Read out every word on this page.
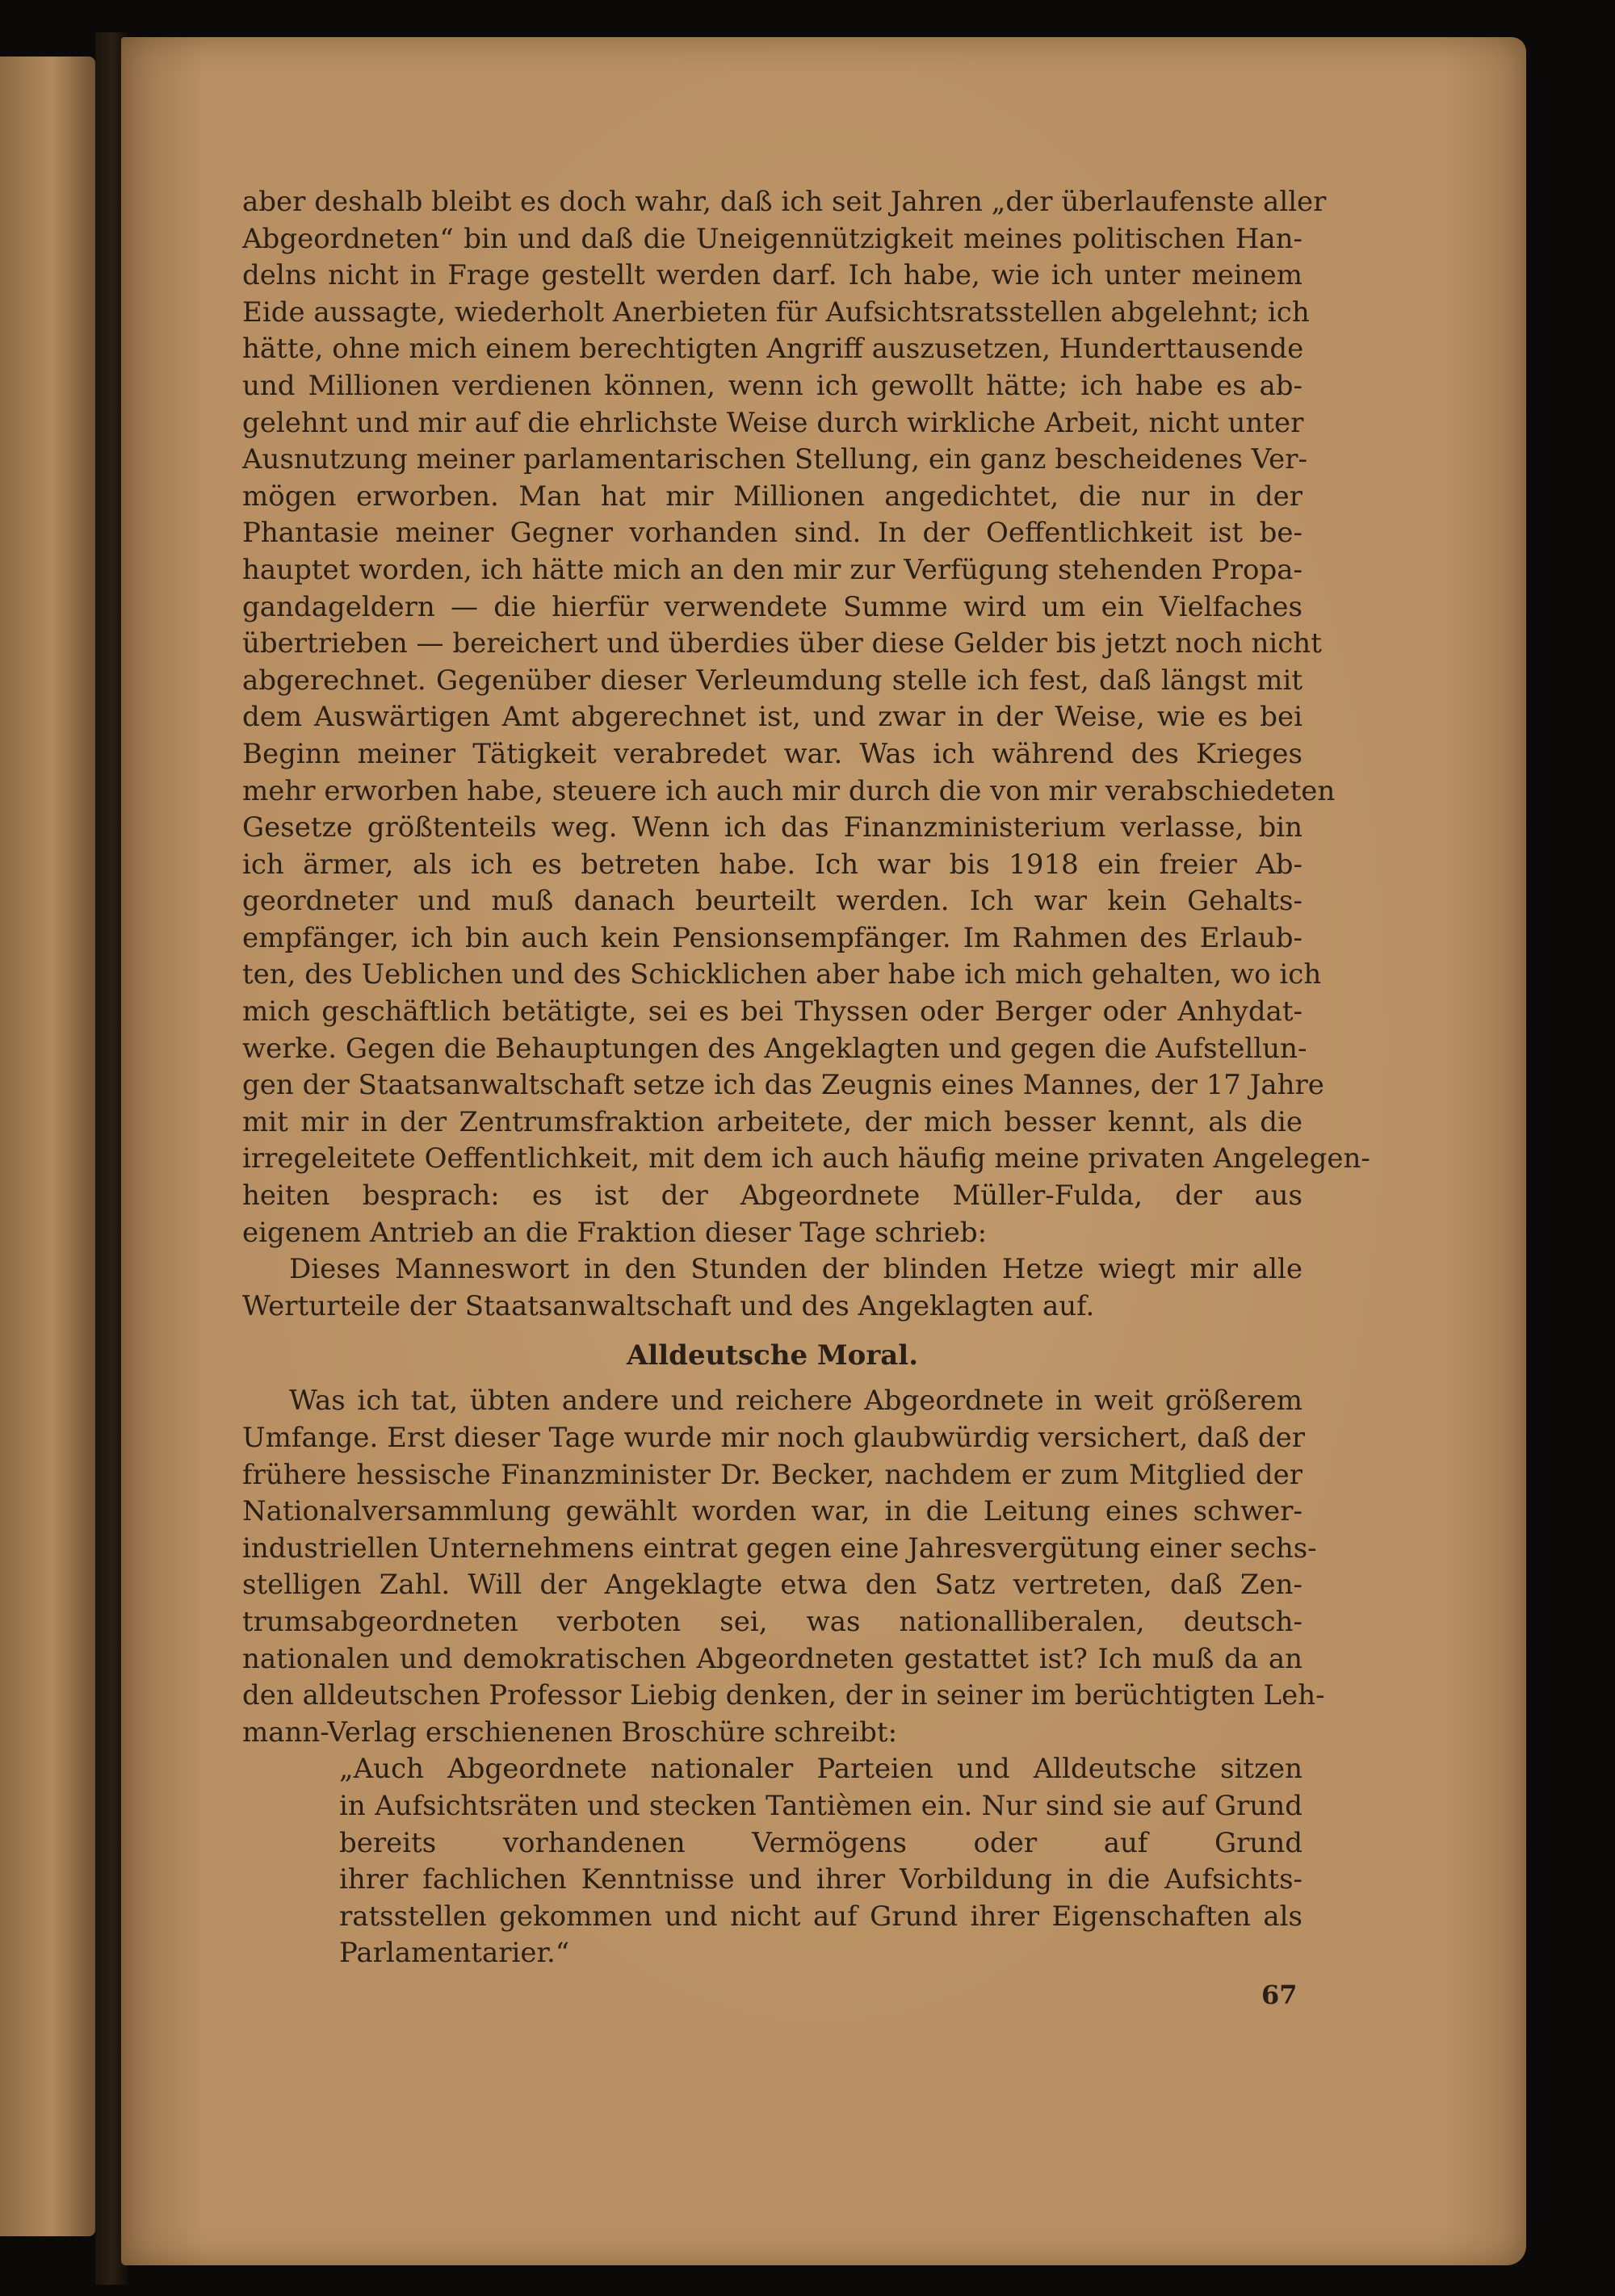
aber deshalb bleibt es doch wahr, daß ich seit Jahren „der überlaufenste aller
Abgeordneten“ bin und daß die Uneigennützigkeit meines politischen Han-
delns nicht in Frage gestellt werden darf. Ich habe, wie ich unter meinem
Eide aussagte, wiederholt Anerbieten für Aufsichtsratsstellen abgelehnt; ich
hätte, ohne mich einem berechtigten Angriff auszusetzen, Hunderttausende
und Millionen verdienen können, wenn ich gewollt hätte; ich habe es ab-
gelehnt und mir auf die ehrlichste Weise durch wirkliche Arbeit, nicht unter
Ausnutzung meiner parlamentarischen Stellung, ein ganz bescheidenes Ver-
mögen erworben. Man hat mir Millionen angedichtet, die nur in der
Phantasie meiner Gegner vorhanden sind. In der Oeffentlichkeit ist be-
hauptet worden, ich hätte mich an den mir zur Verfügung stehenden Propa-
gandageldern — die hierfür verwendete Summe wird um ein Vielfaches
übertrieben — bereichert und überdies über diese Gelder bis jetzt noch nicht
abgerechnet. Gegenüber dieser Verleumdung stelle ich fest, daß längst mit
dem Auswärtigen Amt abgerechnet ist, und zwar in der Weise, wie es bei
Beginn meiner Tätigkeit verabredet war. Was ich während des Krieges
mehr erworben habe, steuere ich auch mir durch die von mir verabschiedeten
Gesetze größtenteils weg. Wenn ich das Finanzministerium verlasse, bin
ich ärmer, als ich es betreten habe. Ich war bis 1918 ein freier Ab-
geordneter und muß danach beurteilt werden. Ich war kein Gehalts-
empfänger, ich bin auch kein Pensionsempfänger. Im Rahmen des Erlaub-
ten, des Ueblichen und des Schicklichen aber habe ich mich gehalten, wo ich
mich geschäftlich betätigte, sei es bei Thyssen oder Berger oder Anhydat-
werke. Gegen die Behauptungen des Angeklagten und gegen die Aufstellun-
gen der Staatsanwaltschaft setze ich das Zeugnis eines Mannes, der 17 Jahre
mit mir in der Zentrumsfraktion arbeitete, der mich besser kennt, als die
irregeleitete Oeffentlichkeit, mit dem ich auch häufig meine privaten Angelegen-
heiten besprach: es ist der Abgeordnete Müller-Fulda, der aus
eigenem Antrieb an die Fraktion dieser Tage schrieb:
Dieses Manneswort in den Stunden der blinden Hetze wiegt mir alle
Werturteile der Staatsanwaltschaft und des Angeklagten auf.
Alldeutsche Moral.
Was ich tat, übten andere und reichere Abgeordnete in weit größerem
Umfange. Erst dieser Tage wurde mir noch glaubwürdig versichert, daß der
frühere hessische Finanzminister Dr. Becker, nachdem er zum Mitglied der
Nationalversammlung gewählt worden war, in die Leitung eines schwer-
industriellen Unternehmens eintrat gegen eine Jahresvergütung einer sechs-
stelligen Zahl. Will der Angeklagte etwa den Satz vertreten, daß Zen-
trumsabgeordneten verboten sei, was nationalliberalen, deutsch-
nationalen und demokratischen Abgeordneten gestattet ist? Ich muß da an
den alldeutschen Professor Liebig denken, der in seiner im berüchtigten Leh-
mann-Verlag erschienenen Broschüre schreibt:
„Auch Abgeordnete nationaler Parteien und Alldeutsche sitzen
in Aufsichtsräten und stecken Tantièmen ein. Nur sind sie auf Grund
bereits vorhandenen Vermögens oder auf Grund
ihrer fachlichen Kenntnisse und ihrer Vorbildung in die Aufsichts-
ratsstellen gekommen und nicht auf Grund ihrer Eigenschaften als
Parlamentarier.“
67
